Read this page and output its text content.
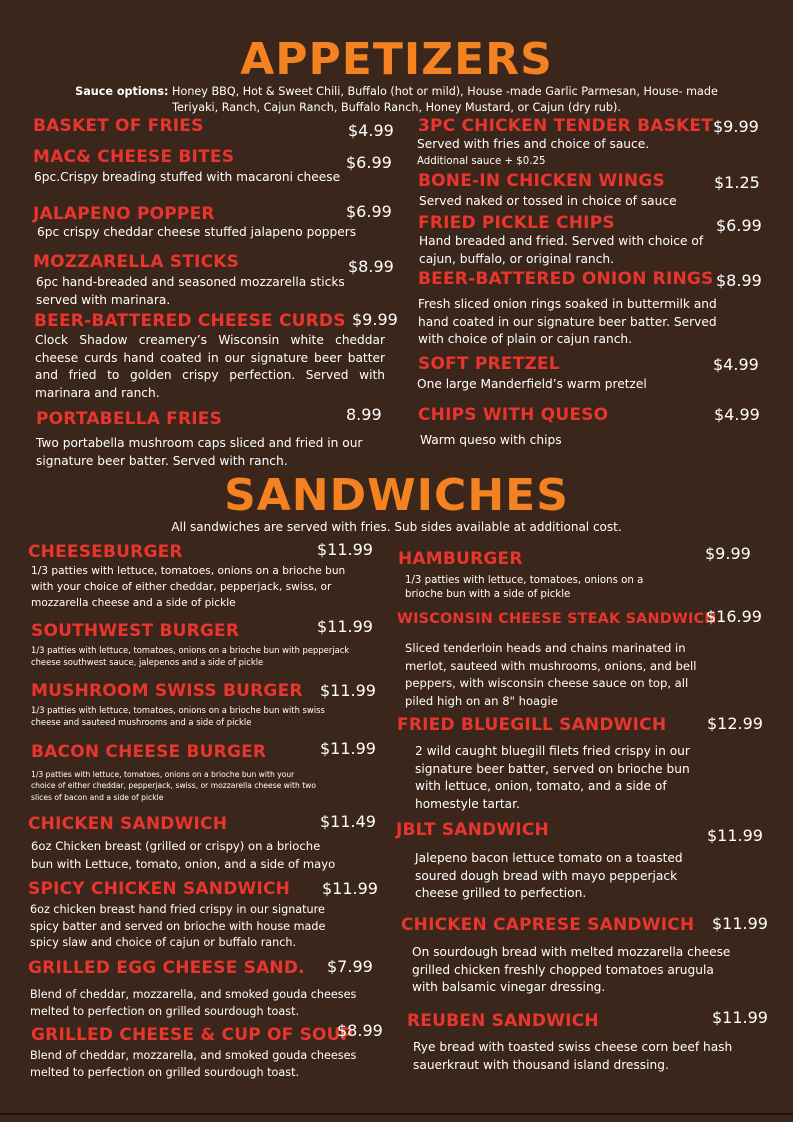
APPETIZERS
Sauce options: Honey BBQ, Hot & Sweet Chili, Buffalo (hot or mild), House -made Garlic Parmesan, House- made Teriyaki, Ranch, Cajun Ranch, Buffalo Ranch, Honey Mustard, or Cajun (dry rub).
BASKET OF FRIES	$4.99
MAC& CHEESE BITES	$6.99
6pc.Crispy breading stuffed with macaroni cheese
JALAPENO POPPER	$6.99
6pc crispy cheddar cheese stuffed jalapeno poppers
MOZZARELLA STICKS	$8.99
6pc hand-breaded and seasoned mozzarella sticks served with marinara.
BEER-BATTERED CHEESE CURDS $9.99
Clock Shadow creamery’s Wisconsin white cheddar cheese curds hand coated in our signature beer batter and fried to golden crispy perfection. Served with marinara and ranch.
PORTABELLA FRIES	8.99
Two portabella mushroom caps sliced and fried in our signature beer batter. Served with ranch.
3PC CHICKEN TENDER BASKET $9.99
Served with fries and choice of sauce.
Additional sauce + $0.25
BONE-IN CHICKEN WINGS	$1.25
Served naked or tossed in choice of sauce
FRIED PICKLE CHIPS	$6.99
Hand breaded and fried. Served with choice of cajun, buffalo, or original ranch.
BEER-BATTERED ONION RINGS $8.99
Fresh sliced onion rings soaked in buttermilk and hand coated in our signature beer batter. Served with choice of plain or cajun ranch.
SOFT PRETZEL	$4.99
One large Manderfield’s warm pretzel
CHIPS WITH QUESO	$4.99
Warm queso with chips
SANDWICHES
All sandwiches are served with fries. Sub sides available at additional cost.
CHEESEBURGER	$11.99
1/3 patties with lettuce, tomatoes, onions on a brioche bun with your choice of either cheddar, pepperjack, swiss, or mozzarella cheese and a side of pickle
SOUTHWEST BURGER	$11.99
1/3 patties with lettuce, tomatoes, onions on a brioche bun with pepperjack cheese southwest sauce, jalepenos and a side of pickle
MUSHROOM SWISS BURGER $11.99
1/3 patties with lettuce, tomatoes, onions on a brioche bun with swiss cheese and sauteed mushrooms and a side of pickle
BACON CHEESE BURGER	$11.99
1/3 patties with lettuce, tomatoes, onions on a brioche bun with your choice of either cheddar, pepperjack, swiss, or mozzarella cheese with two slices of bacon and a side of pickle
CHICKEN SANDWICH	$11.49
6oz Chicken breast (grilled or crispy) on a brioche bun with Lettuce, tomato, onion, and a side of mayo
SPICY CHICKEN SANDWICH $11.99
6oz chicken breast hand fried crispy in our signature spicy batter and served on brioche with house made spicy slaw and choice of cajun or buffalo ranch.
GRILLED EGG CHEESE SAND. $7.99
Blend of cheddar, mozzarella, and smoked gouda cheeses melted to perfection on grilled sourdough toast.
GRILLED CHEESE & CUP OF SOUP
$8.99
Blend of cheddar, mozzarella, and smoked gouda cheeses melted to perfection on grilled sourdough toast.
HAMBURGER	$9.99
1/3 patties with lettuce, tomatoes, onions on a brioche bun with a side of pickle
WISCONSIN CHEESE STEAK SANDWICH
$16.99
Sliced tenderloin heads and chains marinated in merlot, sauteed with mushrooms, onions, and bell peppers, with wisconsin cheese sauce on top, all piled high on an 8" hoagie
FRIED BLUEGILL SANDWICH	$12.99
2 wild caught bluegill filets fried crispy in our signature beer batter, served on brioche bun with lettuce, onion, tomato, and a side of homestyle tartar.
JBLT SANDWICH	$11.99
Jalepeno bacon lettuce tomato on a toasted soured dough bread with mayo pepperjack cheese grilled to perfection.
CHICKEN CAPRESE SANDWICH $11.99
On sourdough bread with melted mozzarella cheese grilled chicken freshly chopped tomatoes arugula with balsamic vinegar dressing.
REUBEN SANDWICH	$11.99
Rye bread with toasted swiss cheese corn beef hash sauerkraut with thousand island dressing.
